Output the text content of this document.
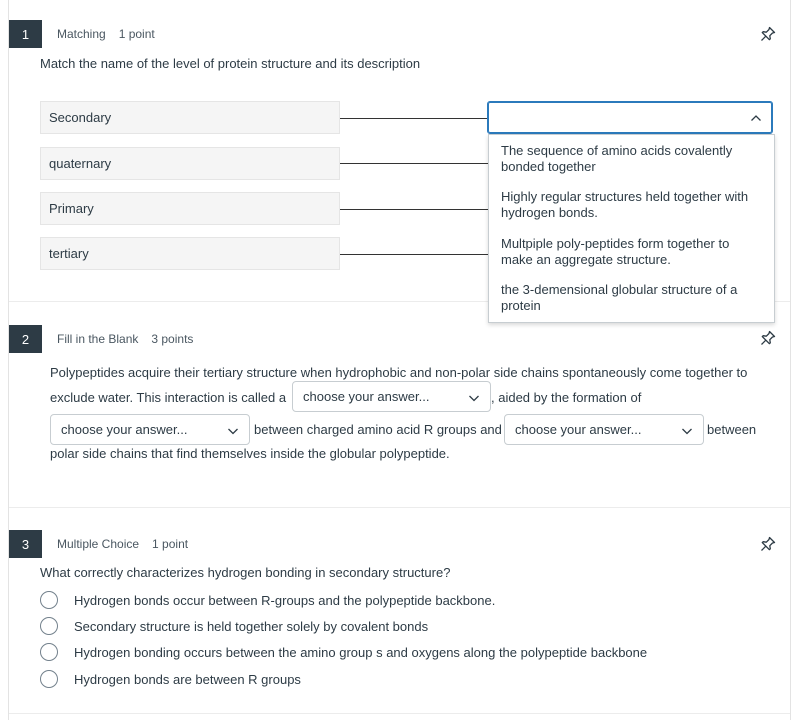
1	Matching 1 point
Match the name of the level of protein structure and its description
Secondary
quaternary
Primary
tertiary
The sequence of amino acids covalently bonded together
Highly regular structures held together with hydrogen bonds.
Multpiple poly-peptides form together to make an aggregate structure.
the 3-demensional globular structure of a protein
2	Fill in the Blank 3 points
Polypeptides acquire their tertiary structure when hydrophobic and non-polar side chains spontaneously come together to
exclude water. This interaction is called a choose your answer...	, aided by the formation of
choose your answer...	between charged amino acid R groups and choose your answer...	between
polar side chains that find themselves inside the globular polypeptide.
3	Multiple Choice 1 point
What correctly characterizes hydrogen bonding in secondary structure?
Hydrogen bonds occur between R-groups and the polypeptide backbone.
Secondary structure is held together solely by covalent bonds
Hydrogen bonding occurs between the amino group s and oxygens along the polypeptide backbone
Hydrogen bonds are between R groups
